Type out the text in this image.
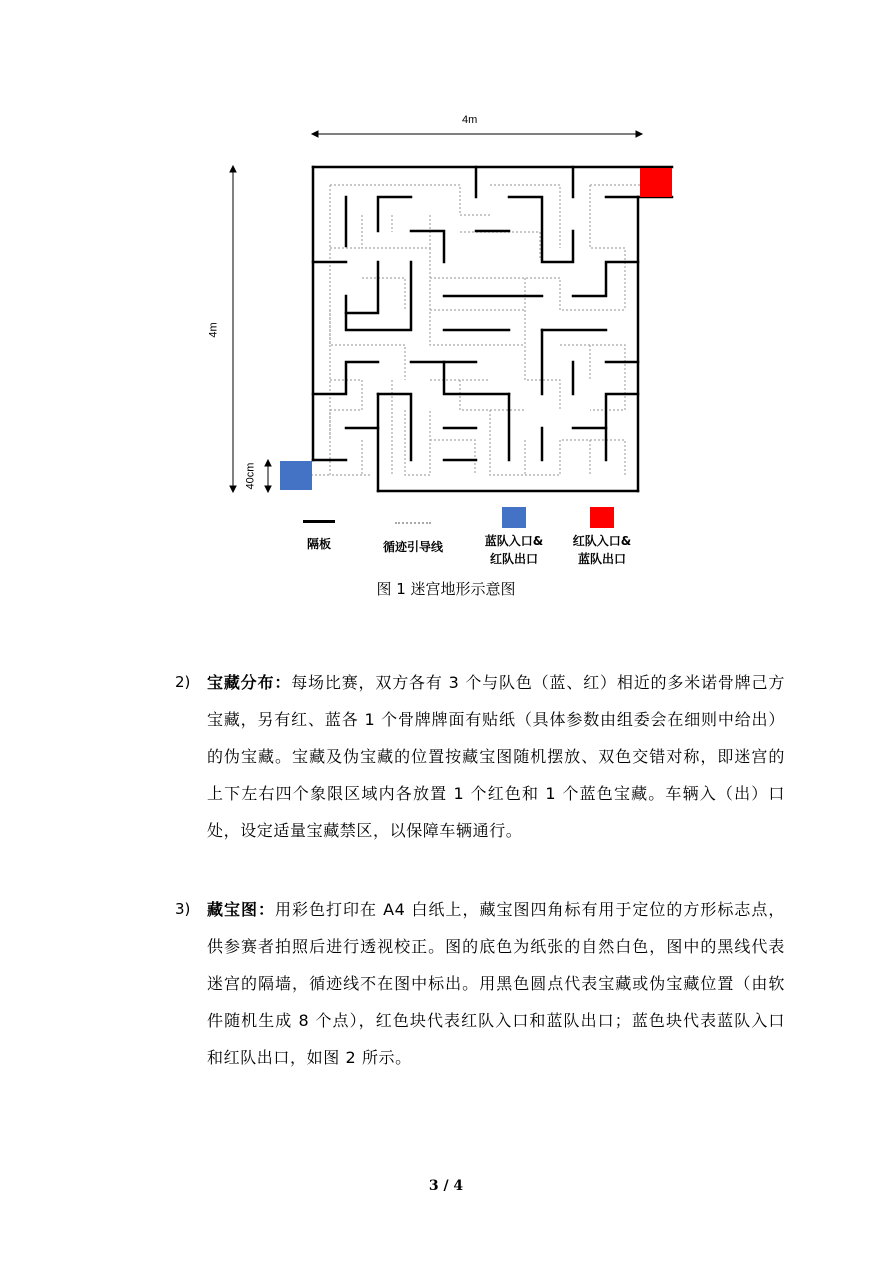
4m
4m
40cm
隔板	循迹引导线	蓝队入口&
红队出口
红队入口&
蓝队出口
图 1 迷宫地形示意图
2) 宝藏分布：每场比赛，双方各有 3 个与队色（蓝、红）相近的多米诺骨牌己方宝藏，另有红、蓝各 1 个骨牌牌面有贴纸（具体参数由组委会在细则中给出）的伪宝藏。宝藏及伪宝藏的位置按藏宝图随机摆放、双色交错对称，即迷宫的上下左右四个象限区域内各放置 1 个红色和 1 个蓝色宝藏。车辆入（出）口处，设定适量宝藏禁区，以保障车辆通行。
3) 藏宝图：用彩色打印在 A4 白纸上，藏宝图四角标有用于定位的方形标志点，供参赛者拍照后进行透视校正。图的底色为纸张的自然白色，图中的黑线代表迷宫的隔墙，循迹线不在图中标出。用黑色圆点代表宝藏或伪宝藏位置（由软件随机生成 8 个点），红色块代表红队入口和蓝队出口；蓝色块代表蓝队入口和红队出口，如图 2 所示。
3 / 4
